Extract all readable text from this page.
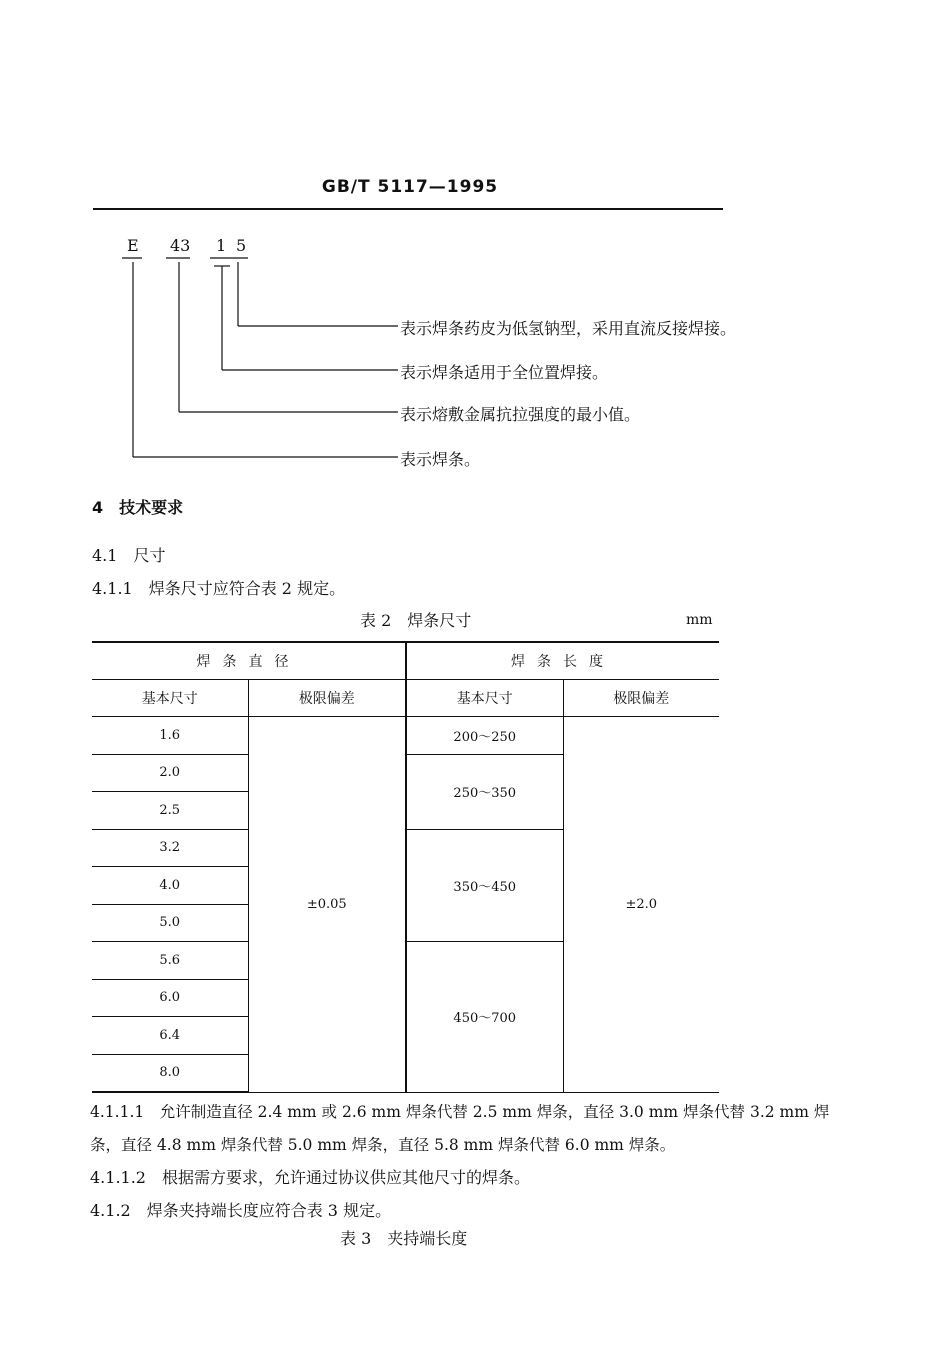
GB/T 5117—1995
E 43 1 5
表示焊条药皮为低氢钠型，采用直流反接焊接。
表示焊条适用于全位置焊接。
表示熔敷金属抗拉强度的最小值。
表示焊条。
4　技术要求
4.1　尺寸
4.1.1　焊条尺寸应符合表 2 规定。
表 2　焊条尺寸	mm
焊条直径		焊条长度	
基本尺寸	极限偏差	基本尺寸	极限偏差
1.6	±0.05	200～250	±2.0
2.0		250～350	
2.5			
3.2		350～450	
4.0			
5.0			
5.6		450～700	
6.0			
6.4			
8.0			
4.1.1.1　允许制造直径 2.4 mm 或 2.6 mm 焊条代替 2.5 mm 焊条，直径 3.0 mm 焊条代替 3.2 mm 焊
条，直径 4.8 mm 焊条代替 5.0 mm 焊条，直径 5.8 mm 焊条代替 6.0 mm 焊条。
4.1.1.2　根据需方要求，允许通过协议供应其他尺寸的焊条。
4.1.2　焊条夹持端长度应符合表 3 规定。
表 3　夹持端长度
